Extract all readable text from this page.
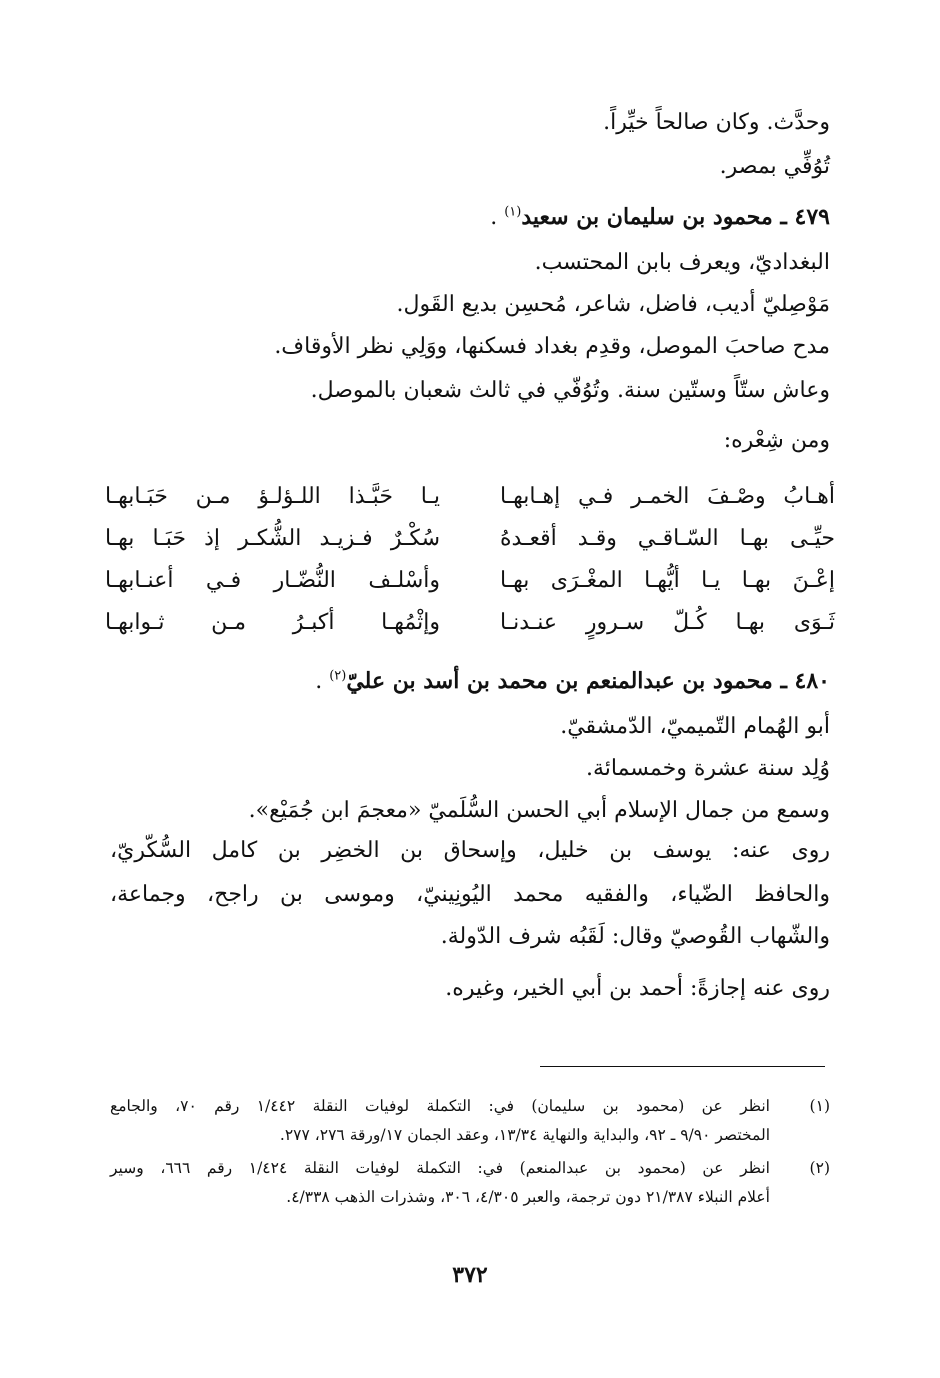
وحدَّث. وكان صالحاً خيِّراً.
تُوُفِّي بمصر.
٤٧٩ ـ محمود بن سليمان بن سعيد$^{(١)}$ .
البغداديّ، ويعرف بابن المحتسب.
مَوْصِليّ أديب، فاضل، شاعر، مُحسِن بديع القَول.
مدح صاحبَ الموصل، وقدِم بغداد فسكنها، ووَلِي نظر الأوقاف.
وعاش ستّاً وستّين سنة. وتُوُفّي في ثالث شعبان بالموصل.
ومن شِعْره:
أهـابُ وصْـفَ الخمـر فـي إهـابهـا
يـا حَبَّـذا اللـؤلـؤ مـن حَبَـابهـا
حيِّـى بهـا السّـاقـي وقـد أقعـدهُ
سُكْـرٌ فـزيـد الشُّكـر إذ حَبَـا بهـا
إعْـنَ بهـا يـا أيُّهـا المغْـرَى بهـا
وأسْلـف النُّضّـار فـي أعنـابهـا
ثَـوَى بهـا كُـلّ سـرورٍ عنـدنـا
وإثْمُهـا أكبـرُ مـن ثـوابهـا
٤٨٠ ـ محمود بن عبدالمنعم بن محمد بن أسد بن عليّ$^{(٢)}$ .
أبو الهُمام التّميميّ، الدّمشقيّ.
وُلِد سنة عشرة وخمسمائة.
وسمع من جمال الإسلام أبي الحسن السُّلَميّ «معجمَ ابن جُمَيْع».
روى عنه: يوسف بن خليل، وإسحاق بن الخضِر بن كامل السُّكّريّ،
والحافظ الضّياء، والفقيه محمد اليُونِينيّ، وموسى بن راجح، وجماعة،
والشّهاب القُوصيّ وقال: لَقَبُه شرف الدّولة.
روى عنه إجازةً: أحمد بن أبي الخير، وغيره.
(١)
انظر عن (محمود بن سليمان) في: التكملة لوفيات النقلة ١/٤٤٢ رقم ٧٠، والجامع
المختصر ٩/٩٠ ـ ٩٢، والبداية والنهاية ١٣/٣٤، وعقد الجمان ١٧/ورقة ٢٧٦، ٢٧٧.
(٢)
انظر عن (محمود بن عبدالمنعم) في: التكملة لوفيات النقلة ١/٤٢٤ رقم ٦٦٦، وسير
أعلام النبلاء ٢١/٣٨٧ دون ترجمة، والعبر ٤/٣٠٥، ٣٠٦، وشذرات الذهب ٤/٣٣٨.
٣٧٢
